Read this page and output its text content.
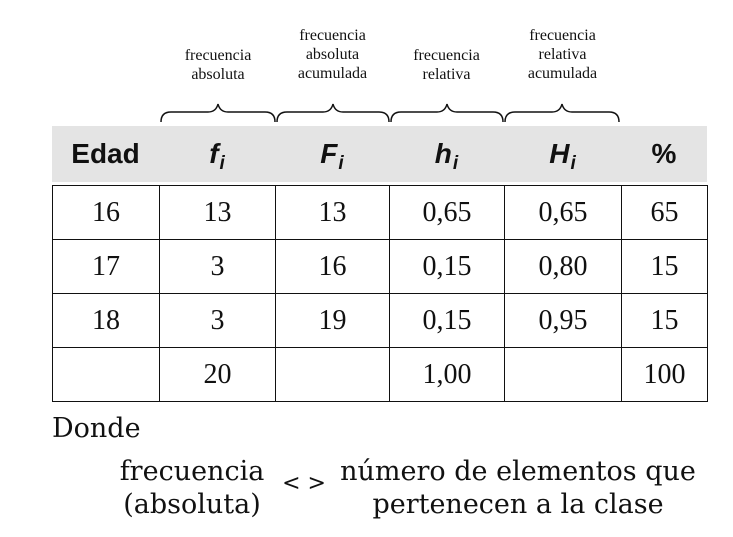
frecuencia
absoluta
frecuencia
absoluta
acumulada
frecuencia
relativa
frecuencia
relativa
acumulada
Edad	$f_i$	$F_i$	$h_i$	$H_i$	%
16	13	13	0,65	0,65	65
17	3	16	0,15	0,80	15
18	3	19	0,15	0,95	15
	20		1,00		100
Donde
frecuencia
(absoluta)
< > número de elementos que
pertenecen a la clase
